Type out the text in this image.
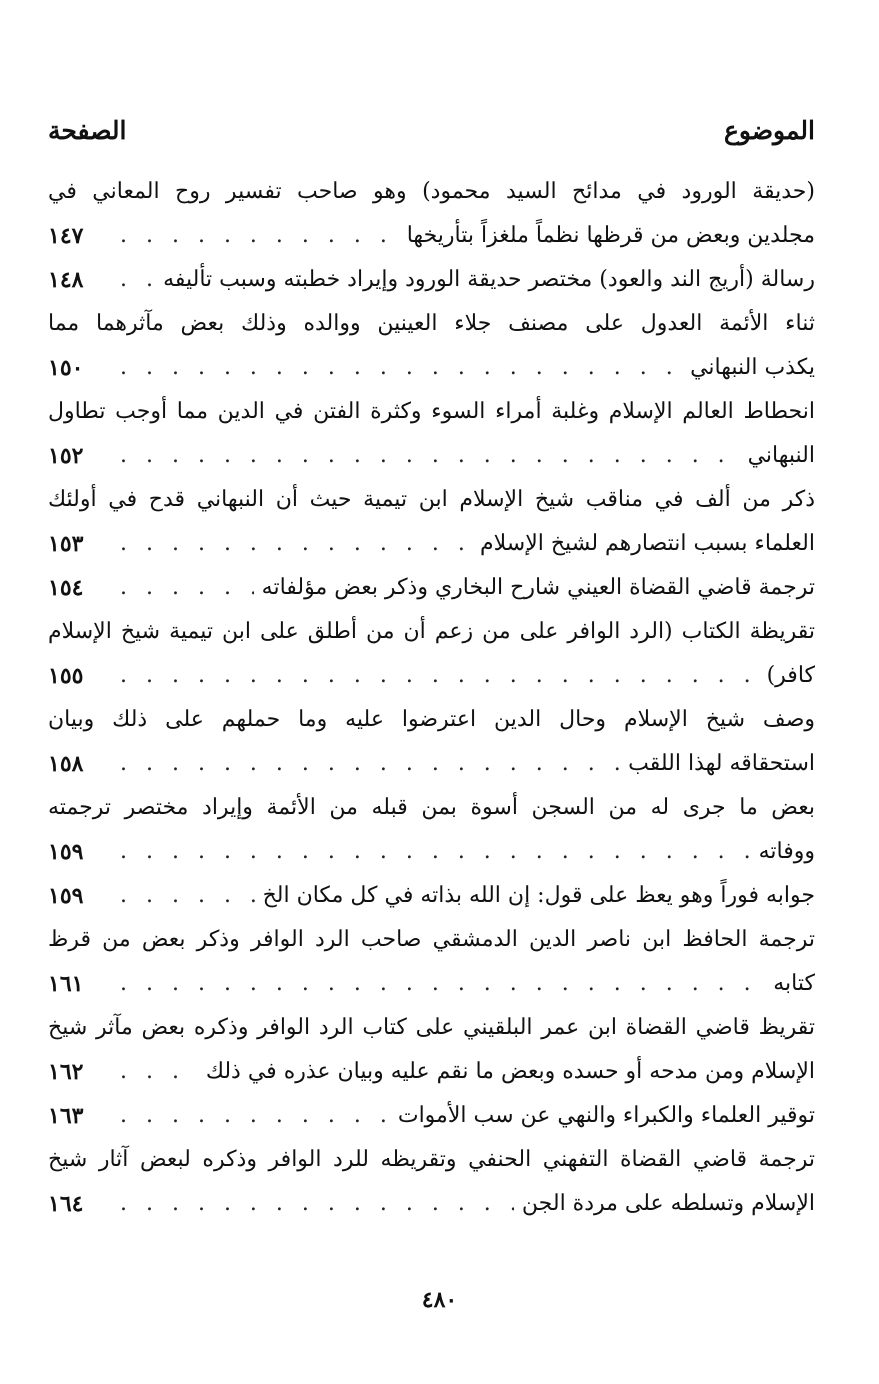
الصفحة	الموضوع
(حديقة الورود في مدائح السيد محمود) وهو صاحب تفسير روح المعاني في
مجلدين وبعض من قرظها نظماً ملغزاً بتأريخها
. . .
١٤٧
رسالة (أريج الند والعود) مختصر حديقة الورود وإيراد خطبته وسبب تأليفه
. . .
١٤٨
ثناء الأئمة العدول على مصنف جلاء العينين ووالده وذلك بعض مآثرهما مما
يكذب النبهاني
. . .
١٥٠
انحطاط العالم الإسلام وغلبة أمراء السوء وكثرة الفتن في الدين مما أوجب تطاول
النبهاني
. . .
١٥٢
ذكر من ألف في مناقب شيخ الإسلام ابن تيمية حيث أن النبهاني قدح في أولئك
العلماء بسبب انتصارهم لشيخ الإسلام
. . .
١٥٣
ترجمة قاضي القضاة العيني شارح البخاري وذكر بعض مؤلفاته
. . .
١٥٤
تقريظة الكتاب (الرد الوافر على من زعم أن من أطلق على ابن تيمية شيخ الإسلام
كافر)
. . .
١٥٥
وصف شيخ الإسلام وحال الدين اعترضوا عليه وما حملهم على ذلك وبيان
استحقاقه لهذا اللقب
. . .
١٥٨
بعض ما جرى له من السجن أسوة بمن قبله من الأئمة وإيراد مختصر ترجمته
ووفاته
. . .
١٥٩
جوابه فوراً وهو يعظ على قول: إن الله بذاته في كل مكان الخ
. . .
١٥٩
ترجمة الحافظ ابن ناصر الدين الدمشقي صاحب الرد الوافر وذكر بعض من قرظ
كتابه
. . .
١٦١
تقريظ قاضي القضاة ابن عمر البلقيني على كتاب الرد الوافر وذكره بعض مآثر شيخ
الإسلام ومن مدحه أو حسده وبعض ما نقم عليه وبيان عذره في ذلك
. . .
١٦٢
توقير العلماء والكبراء والنهي عن سب الأموات
. . .
١٦٣
ترجمة قاضي القضاة التفهني الحنفي وتقريظه للرد الوافر وذكره لبعض آثار شيخ
الإسلام وتسلطه على مردة الجن
. . .
١٦٤
٤٨٠
